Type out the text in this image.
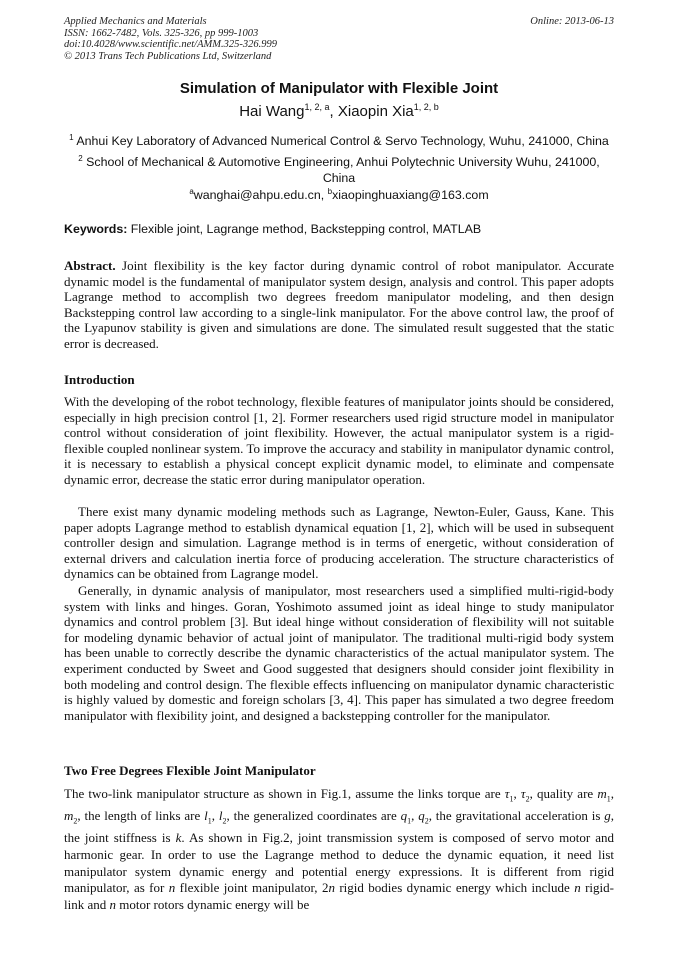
Applied Mechanics and Materials
ISSN: 1662-7482, Vols. 325-326, pp 999-1003
doi:10.4028/www.scientific.net/AMM.325-326.999
© 2013 Trans Tech Publications Ltd, Switzerland
Online: 2013-06-13
Simulation of Manipulator with Flexible Joint
Hai Wang$^{1, 2, a}$, Xiaopin Xia$^{1, 2, b}$
$^1$ Anhui Key Laboratory of Advanced Numerical Control & Servo Technology, Wuhu, 241000, China
$^2$ School of Mechanical & Automotive Engineering, Anhui Polytechnic University Wuhu, 241000, China
$^a$wanghai@ahpu.edu.cn, $^b$xiaopinghuaxiang@163.com
Keywords: Flexible joint, Lagrange method, Backstepping control, MATLAB
Abstract. Joint flexibility is the key factor during dynamic control of robot manipulator. Accurate dynamic model is the fundamental of manipulator system design, analysis and control. This paper adopts Lagrange method to accomplish two degrees freedom manipulator modeling, and then design Backstepping control law according to a single-link manipulator. For the above control law, the proof of the Lyapunov stability is given and simulations are done. The simulated result suggested that the static error is decreased.
Introduction
With the developing of the robot technology, flexible features of manipulator joints should be considered, especially in high precision control [1, 2]. Former researchers used rigid structure model in manipulator control without consideration of joint flexibility. However, the actual manipulator system is a rigid-flexible coupled nonlinear system. To improve the accuracy and stability in manipulator dynamic control, it is necessary to establish a physical concept explicit dynamic model, to eliminate and compensate dynamic error, decrease the static error during manipulator operation.
There exist many dynamic modeling methods such as Lagrange, Newton-Euler, Gauss, Kane. This paper adopts Lagrange method to establish dynamical equation [1, 2], which will be used in subsequent controller design and simulation. Lagrange method is in terms of energetic, without consideration of external drivers and calculation inertia force of producing acceleration. The structure characteristics of dynamics can be obtained from Lagrange model.
Generally, in dynamic analysis of manipulator, most researchers used a simplified multi-rigid-body system with links and hinges. Goran, Yoshimoto assumed joint as ideal hinge to study manipulator dynamics and control problem [3]. But ideal hinge without consideration of flexibility will not suitable for modeling dynamic behavior of actual joint of manipulator. The traditional multi-rigid body system has been unable to correctly describe the dynamic characteristics of the actual manipulator system. The experiment conducted by Sweet and Good suggested that designers should consider joint flexibility in both modeling and control design. The flexible effects influencing on manipulator dynamic characteristic is highly valued by domestic and foreign scholars [3, 4]. This paper has simulated a two degree freedom manipulator with flexibility joint, and designed a backstepping controller for the manipulator.
Two Free Degrees Flexible Joint Manipulator
The two-link manipulator structure as shown in Fig.1, assume the links torque are $\tau_1$, $\tau_2$, quality are $m_1$, $m_2$, the length of links are $l_1$, $l_2$, the generalized coordinates are $q_1$, $q_2$, the gravitational acceleration is g, the joint stiffness is k. As shown in Fig.2, joint transmission system is composed of servo motor and harmonic gear. In order to use the Lagrange method to deduce the dynamic equation, it need list manipulator system dynamic energy and potential energy expressions. It is different from rigid manipulator, as for n flexible joint manipulator, 2n rigid bodies dynamic energy which include n rigid-link and n motor rotors dynamic energy will be
